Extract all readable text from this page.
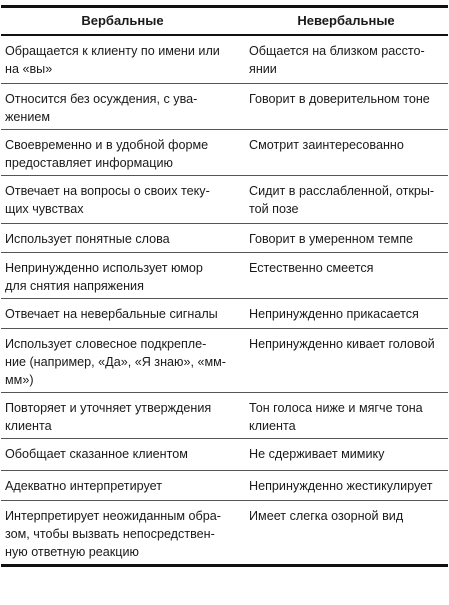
Вербальные	Невербальные

Обращается к клиенту по имени или
на «вы»	Общается на близком рассто-
янии

Относится без осуждения, с ува-
жением	Говорит в доверительном тоне

Своевременно и в удобной форме
предоставляет информацию	Смотрит заинтересованно

Отвечает на вопросы о своих теку-
щих чувствах	Сидит в расслабленной, откры-
той позе

Использует понятные слова	Говорит в умеренном темпе

Непринужденно использует юмор
для снятия напряжения	Естественно смеется

Отвечает на невербальные сигналы	Непринужденно прикасается

Использует словесное подкрепле-
ние (например, «Да», «Я знаю», «мм-
мм»)	Непринужденно кивает головой

Повторяет и уточняет утверждения
клиента	Тон голоса ниже и мягче тона
клиента

Обобщает сказанное клиентом	Не сдерживает мимику

Адекватно интерпретирует	Непринужденно жестикулирует

Интерпретирует неожиданным обра-
зом, чтобы вызвать непосредствен-
ную ответную реакцию	Имеет слегка озорной вид
